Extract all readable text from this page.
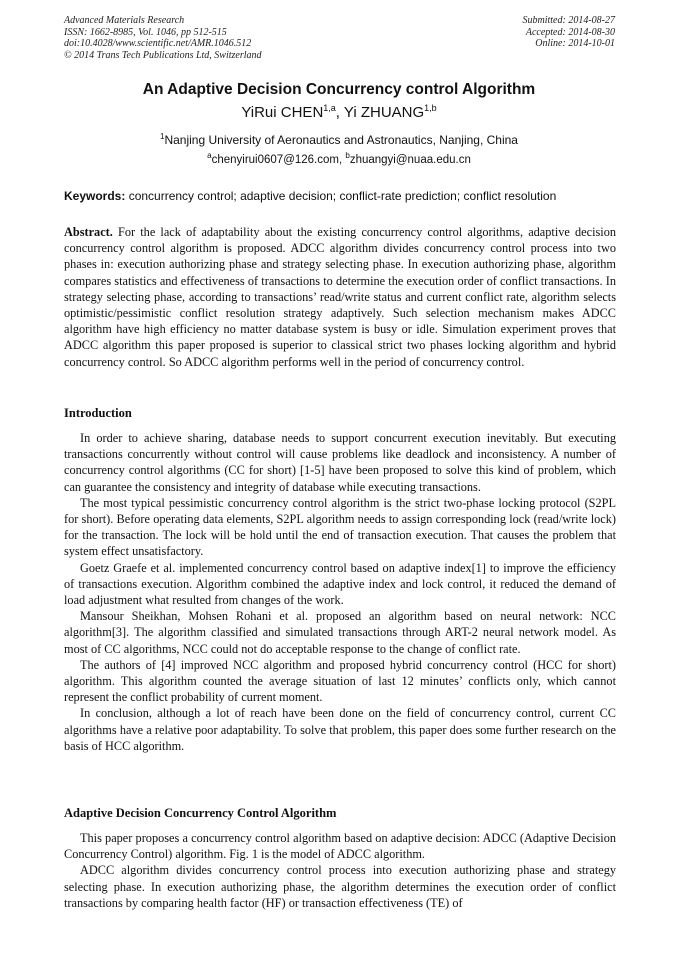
Advanced Materials Research
ISSN: 1662-8985, Vol. 1046, pp 512-515
doi:10.4028/www.scientific.net/AMR.1046.512
© 2014 Trans Tech Publications Ltd, Switzerland
Submitted: 2014-08-27
Accepted: 2014-08-30
Online: 2014-10-01
An Adaptive Decision Concurrency control Algorithm
YiRui CHEN$^{1,a}$, Yi ZHUANG$^{1,b}$
$^1$Nanjing University of Aeronautics and Astronautics, Nanjing, China
$^a$chenyirui0607@126.com, $^b$zhuangyi@nuaa.edu.cn
Keywords: concurrency control; adaptive decision; conflict-rate prediction; conflict resolution

Abstract. For the lack of adaptability about the existing concurrency control algorithms, adaptive decision concurrency control algorithm is proposed. ADCC algorithm divides concurrency control process into two phases in: execution authorizing phase and strategy selecting phase. In execution authorizing phase, algorithm compares statistics and effectiveness of transactions to determine the execution order of conflict transactions. In strategy selecting phase, according to transactions’ read/write status and current conflict rate, algorithm selects optimistic/pessimistic conflict resolution strategy adaptively. Such selection mechanism makes ADCC algorithm have high efficiency no matter database system is busy or idle. Simulation experiment proves that ADCC algorithm this paper proposed is superior to classical strict two phases locking algorithm and hybrid concurrency control. So ADCC algorithm performs well in the period of concurrency control.

Introduction

In order to achieve sharing, database needs to support concurrent execution inevitably. But executing transactions concurrently without control will cause problems like deadlock and inconsistency. A number of concurrency control algorithms (CC for short) [1-5] have been proposed to solve this kind of problem, which can guarantee the consistency and integrity of database while executing transactions.

The most typical pessimistic concurrency control algorithm is the strict two-phase locking protocol (S2PL for short). Before operating data elements, S2PL algorithm needs to assign corresponding lock (read/write lock) for the transaction. The lock will be hold until the end of transaction execution. That causes the problem that system effect unsatisfactory.

Goetz Graefe et al. implemented concurrency control based on adaptive index[1] to improve the efficiency of transactions execution. Algorithm combined the adaptive index and lock control, it reduced the demand of load adjustment what resulted from changes of the work.

Mansour Sheikhan, Mohsen Rohani et al. proposed an algorithm based on neural network: NCC algorithm[3]. The algorithm classified and simulated transactions through ART-2 neural network model. As most of CC algorithms, NCC could not do acceptable response to the change of conflict rate.

The authors of [4] improved NCC algorithm and proposed hybrid concurrency control (HCC for short) algorithm. This algorithm counted the average situation of last 12 minutes’ conflicts only, which cannot represent the conflict probability of current moment.

In conclusion, although a lot of reach have been done on the field of concurrency control, current CC algorithms have a relative poor adaptability. To solve that problem, this paper does some further research on the basis of HCC algorithm.

Adaptive Decision Concurrency Control Algorithm

This paper proposes a concurrency control algorithm based on adaptive decision: ADCC (Adaptive Decision Concurrency Control) algorithm. Fig. 1 is the model of ADCC algorithm.

ADCC algorithm divides concurrency control process into execution authorizing phase and strategy selecting phase. In execution authorizing phase, the algorithm determines the execution order of conflict transactions by comparing health factor (HF) or transaction effectiveness (TE) of
